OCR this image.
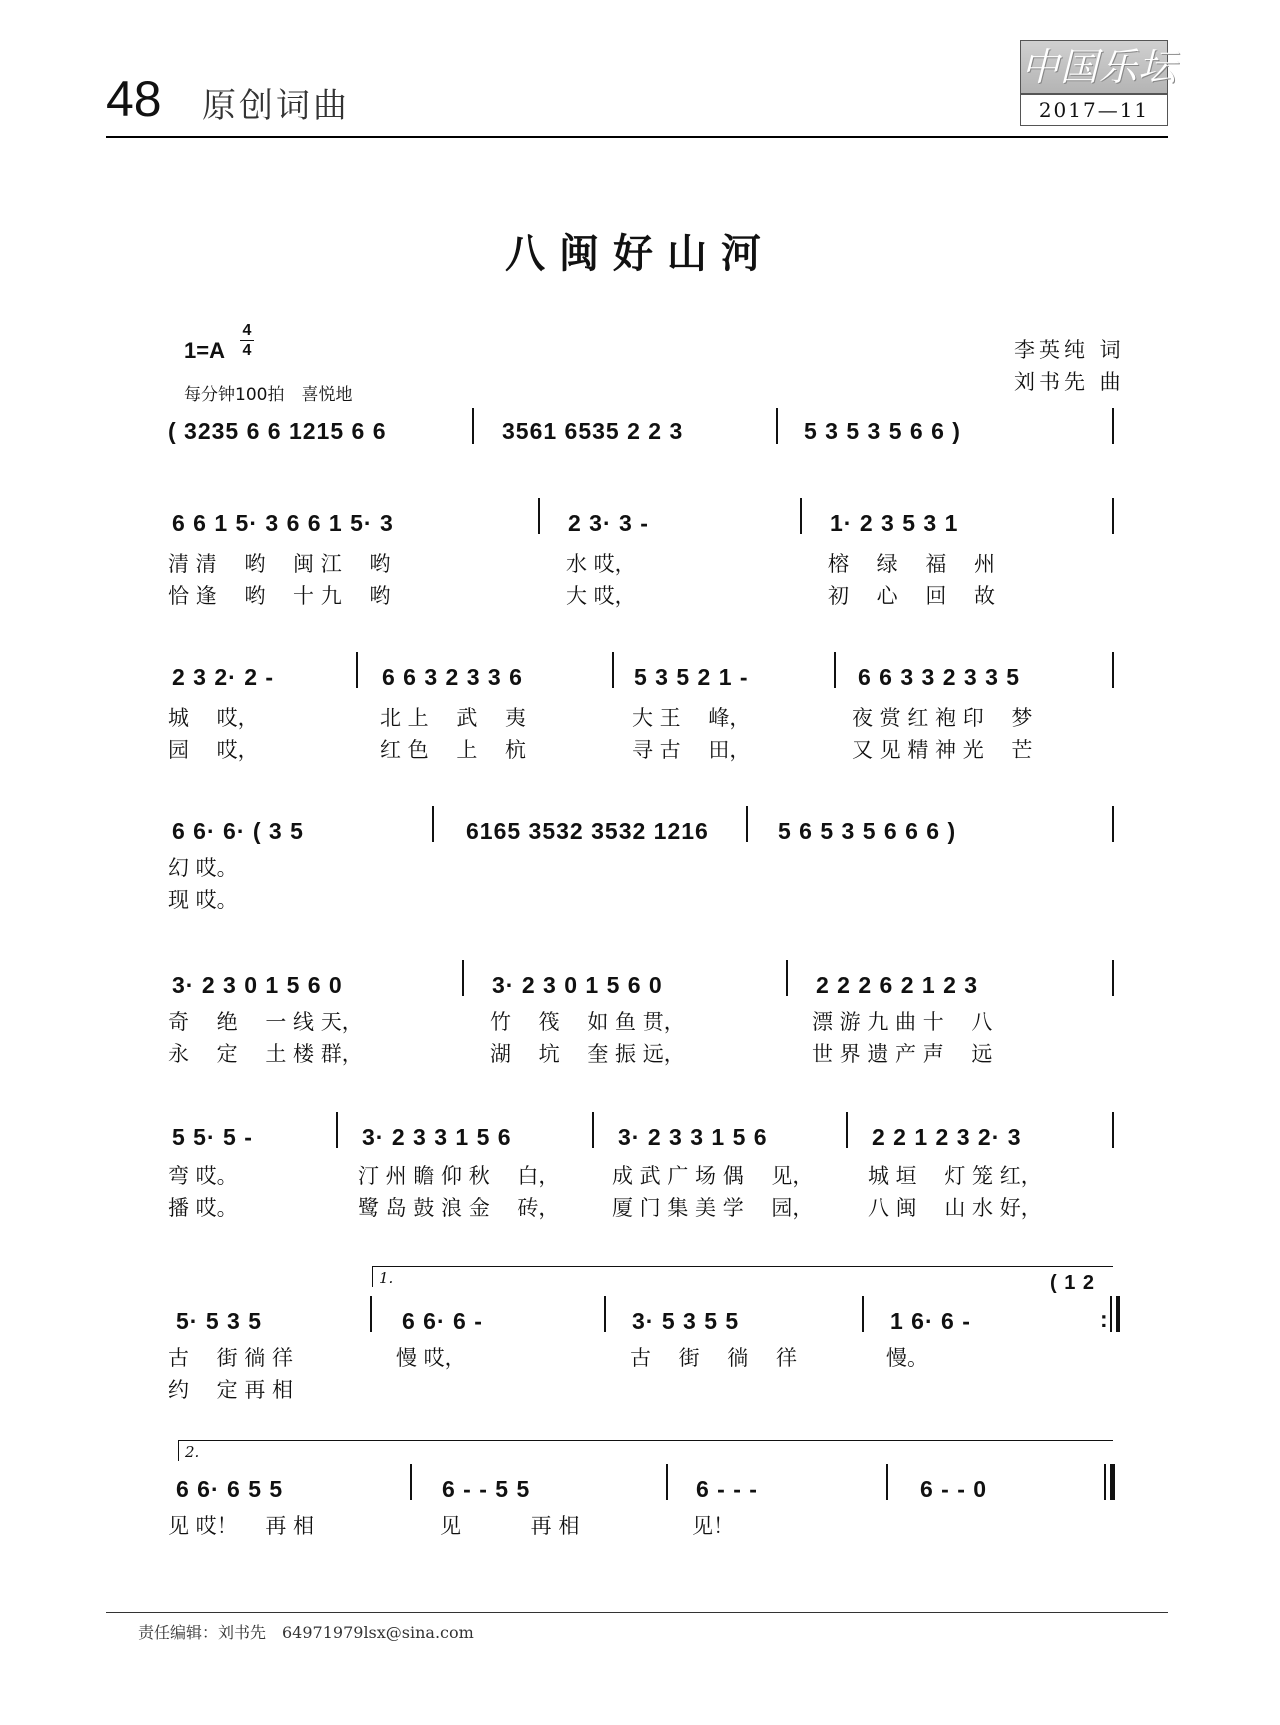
48 原创词曲
中国乐坛
2017—11
八闽好山河
1=A
4
4
每分钟100拍　喜悦地
李英纯 词
刘书先 曲
( 3235 6 6 1215 6 6	3561 6535 2 2 3	5 3 5 3 5 6 6 )
6 6 1 5· 3 6 6 1 5· 3	2 3· 3 -	1· 2 3 5 3 1
清 清　 哟　 闽 江　 哟	水 哎，	榕　 绿　 福　 州
恰 逢　 哟　 十 九　 哟	大 哎，	初　 心　 回　 故
2 3 2· 2 -	6 6 3 2 3 3 6	5 3 5 2 1 -	6 6 3 3 2 3 3 5
城　 哎，	北 上　 武　 夷	大 王　 峰，	夜 赏 红 袍 印　 梦
园　 哎，	红 色　 上　 杭	寻 古　 田，	又 见 精 神 光　 芒
6 6· 6· ( 3 5	6165 3532 3532 1216	5 6 5 3 5 6 6 6 )
幻 哎。
现 哎。
3· 2 3 0 1 5 6 0	3· 2 3 0 1 5 6 0	2 2 2 6 2 1 2 3
奇　 绝　 一 线 天，	竹　 筏　 如 鱼 贯，	漂 游 九 曲 十　 八
永　 定　 土 楼 群，	湖　 坑　 奎 振 远，	世 界 遗 产 声　 远
5 5· 5 -	3· 2 3 3 1 5 6	3· 2 3 3 1 5 6	2 2 1 2 3 2· 3
弯 哎。	汀 州 瞻 仰 秋　 白，	成 武 广 场 偶　 见，	城 垣　 灯 笼 红，
播 哎。	鹭 岛 鼓 浪 金　 砖，	厦 门 集 美 学　 园，	八 闽　 山 水 好，
1.	( 1 2
5· 5 3 5	6 6· 6 -	3· 5 3 5 5	1 6· 6 -	:
古　 街 徜 徉	慢 哎，	古　 街　 徜　 徉	慢。
约　 定 再 相
2.
6 6· 6 5 5	6 - - 5 5	6 - - -	6 - - 0
见 哎！　 再 相	见　　　 再 相	见！
责任编辑：刘书先　64971979lsx@sina.com
